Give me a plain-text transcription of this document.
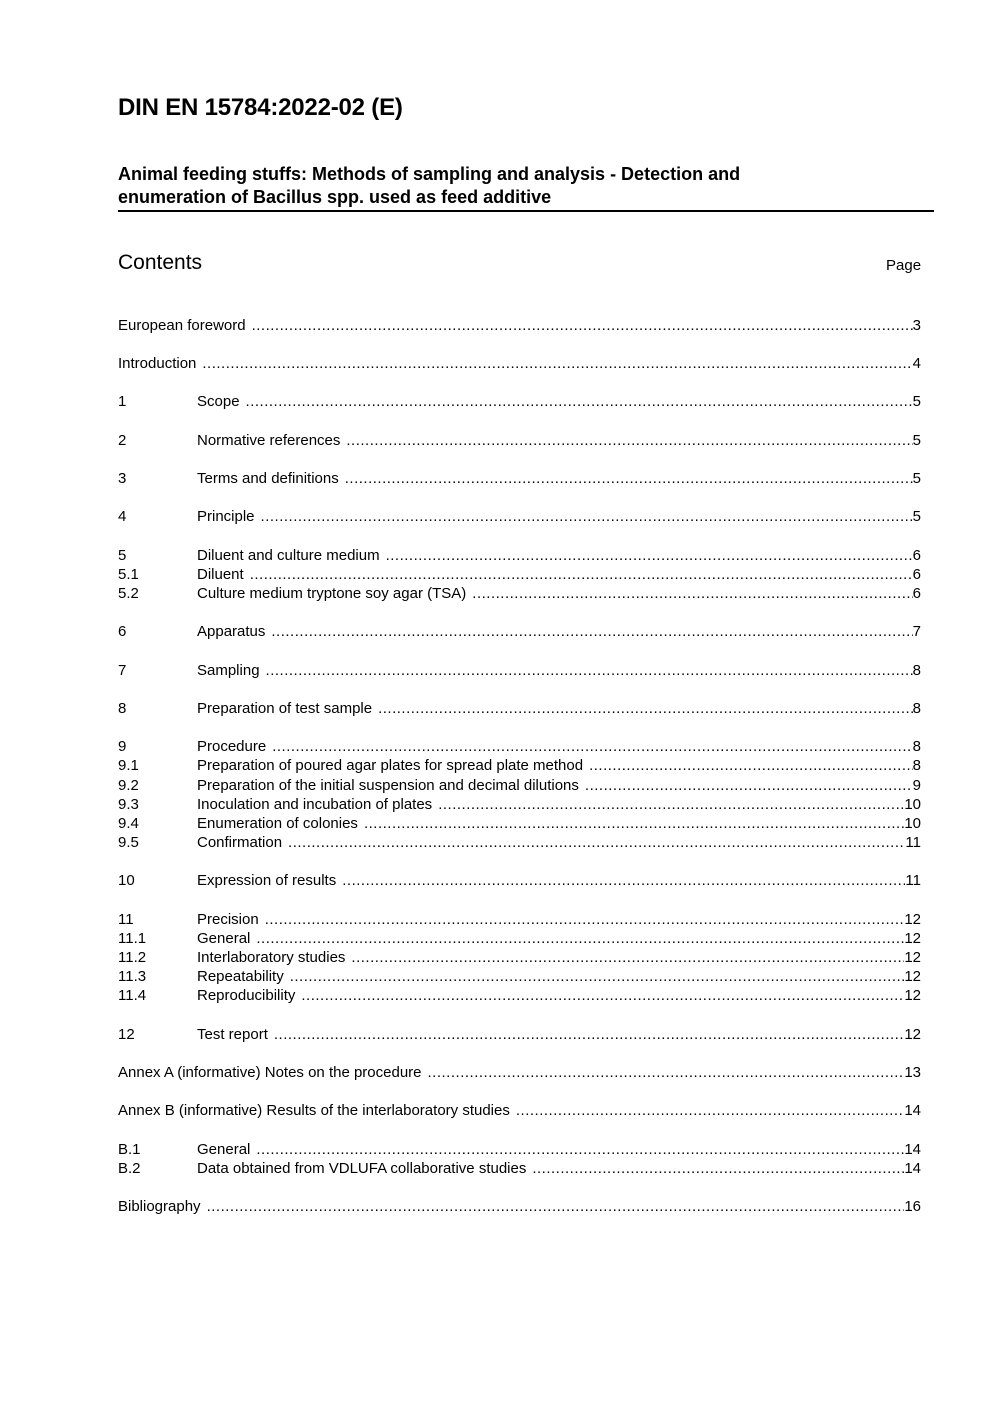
DIN EN 15784:2022-02 (E)
Animal feeding stuffs: Methods of sampling and analysis - Detection and
enumeration of Bacillus spp. used as feed additive
Contents	Page
European foreword .....	3
Introduction .....	4
1	Scope .....	5
2	Normative references .....	5
3	Terms and definitions .....	5
4	Principle .....	5
5	Diluent and culture medium .....	6
5.1	Diluent .....	6
5.2	Culture medium tryptone soy agar (TSA) .....	6
6	Apparatus .....	7
7	Sampling .....	8
8	Preparation of test sample .....	8
9	Procedure .....	8
9.1	Preparation of poured agar plates for spread plate method .....	8
9.2	Preparation of the initial suspension and decimal dilutions .....	9
9.3	Inoculation and incubation of plates .....	10
9.4	Enumeration of colonies .....	10
9.5	Confirmation .....	11
10	Expression of results .....	11
11	Precision .....	12
11.1	General .....	12
11.2	Interlaboratory studies .....	12
11.3	Repeatability .....	12
11.4	Reproducibility .....	12
12	Test report .....	12
Annex A (informative) Notes on the procedure .....	13
Annex B (informative) Results of the interlaboratory studies .....	14
B.1	General .....	14
B.2	Data obtained from VDLUFA collaborative studies .....	14
Bibliography .....	16
